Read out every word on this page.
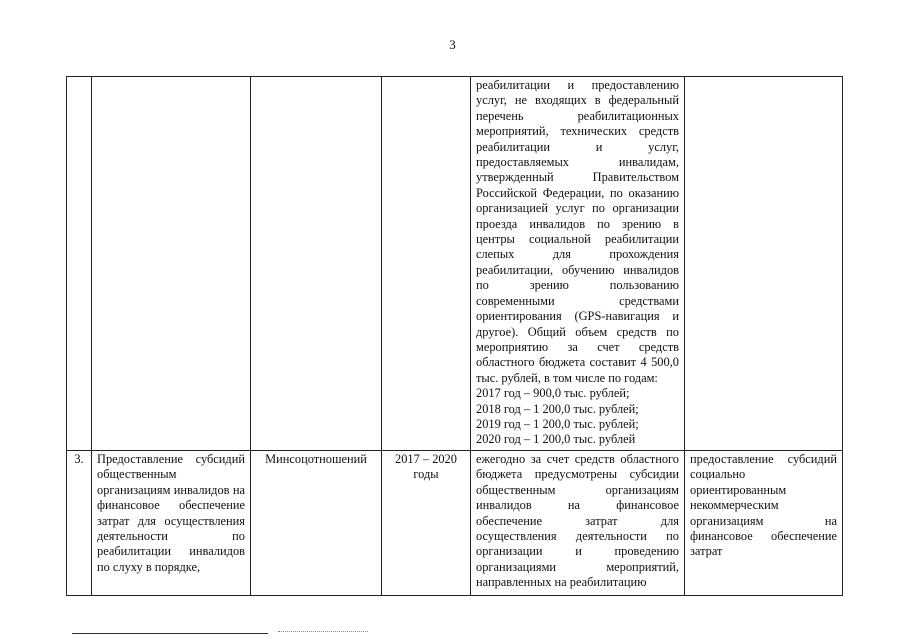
3
				реабилитации и предоставлению услуг, не входящих в федеральный перечень реабилитационных мероприятий, технических средств реабилитации и услуг, предоставляемых инвалидам, утвержденный Правительством Российской Федерации, по оказанию организацией услуг по организации проезда инвалидов по зрению в центры социальной реабилитации слепых для прохождения реабилитации, обучению инвалидов по зрению пользованию современными средствами ориентирования (GPS-навигация и другое). Общий объем средств по мероприятию за счет средств областного бюджета составит 4 500,0 тыс. рублей, в том числе по годам:
2017 год – 900,0 тыс. рублей;
2018 год – 1 200,0 тыс. рублей;
2019 год – 1 200,0 тыс. рублей;
2020 год – 1 200,0 тыс. рублей	

3.	Предоставление субсидий общественным организациям инвалидов на финансовое обеспечение затрат для осуществления деятельности по реабилитации инвалидов по слуху в порядке,	Минсоцотношений	2017 – 2020 годы	ежегодно за счет средств областного бюджета предусмотрены субсидии общественным организациям инвалидов на финансовое обеспечение затрат для осуществления деятельности по организации и проведению организациями мероприятий, направленных на реабилитацию	предоставление субсидий социально ориентированным некоммерческим организациям на финансовое обеспечение затрат
